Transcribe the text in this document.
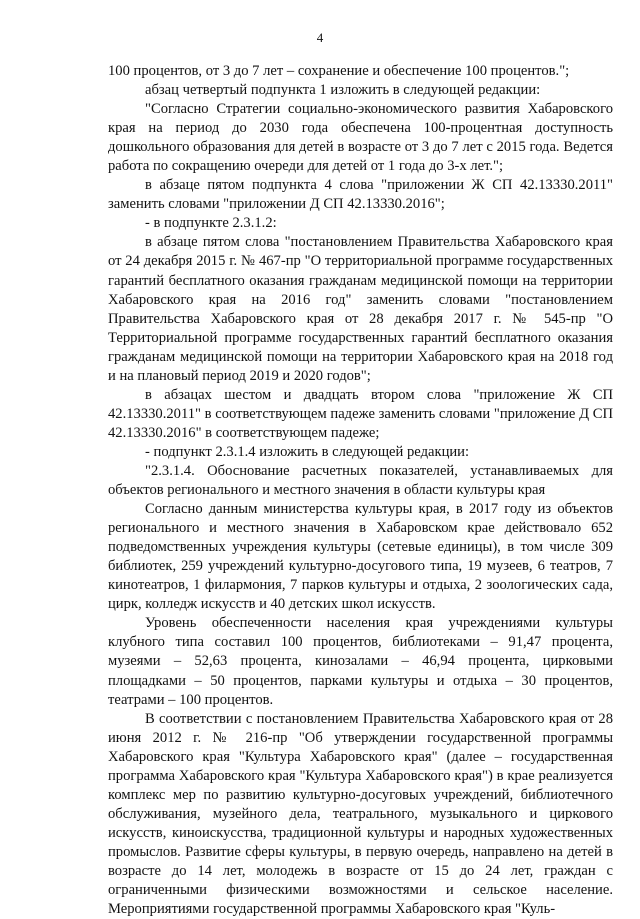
4

100 процентов, от 3 до 7 лет – сохранение и обеспечение 100 процентов.";

абзац четвертый подпункта 1 изложить в следующей редакции:

"Согласно Стратегии социально-экономического развития Хабаровского края на период до 2030 года обеспечена 100-процентная доступность дошкольного образования для детей в возрасте от 3 до 7 лет с 2015 года. Ведется работа по сокращению очереди для детей от 1 года до 3-х лет.";

в абзаце пятом подпункта 4 слова "приложении Ж СП 42.13330.2011" заменить словами "приложении Д СП 42.13330.2016";

- в подпункте 2.3.1.2:

в абзаце пятом слова "постановлением Правительства Хабаровского края от 24 декабря 2015 г. № 467-пр "О территориальной программе государственных гарантий бесплатного оказания гражданам медицинской помощи на территории Хабаровского края на 2016 год" заменить словами "постановлением Правительства Хабаровского края от 28 декабря 2017 г. № 545-пр "О Территориальной программе государственных гарантий бесплатного оказания гражданам медицинской помощи на территории Хабаровского края на 2018 год и на плановый период 2019 и 2020 годов";

в абзацах шестом и двадцать втором слова "приложение Ж СП 42.13330.2011" в соответствующем падеже заменить словами "приложение Д СП 42.13330.2016" в соответствующем падеже;

- подпункт 2.3.1.4 изложить в следующей редакции:

"2.3.1.4. Обоснование расчетных показателей, устанавливаемых для объектов регионального и местного значения в области культуры края

Согласно данным министерства культуры края, в 2017 году из объектов регионального и местного значения в Хабаровском крае действовало 652 подведомственных учреждения культуры (сетевые единицы), в том числе 309 библиотек, 259 учреждений культурно-досугового типа, 19 музеев, 6 театров, 7 кинотеатров, 1 филармония, 7 парков культуры и отдыха, 2 зоологических сада, цирк, колледж искусств и 40 детских школ искусств.

Уровень обеспеченности населения края учреждениями культуры клубного типа составил 100 процентов, библиотеками – 91,47 процента, музеями – 52,63 процента, кинозалами – 46,94 процента, цирковыми площадками – 50 процентов, парками культуры и отдыха – 30 процентов, театрами – 100 процентов.

В соответствии с постановлением Правительства Хабаровского края от 28 июня 2012 г. № 216-пр "Об утверждении государственной программы Хабаровского края "Культура Хабаровского края" (далее – государственная программа Хабаровского края "Культура Хабаровского края") в крае реализуется комплекс мер по развитию культурно-досуговых учреждений, библиотечного обслуживания, музейного дела, театрального, музыкального и циркового искусств, киноискусства, традиционной культуры и народных художественных промыслов. Развитие сферы культуры, в первую очередь, направлено на детей в возрасте до 14 лет, молодежь в возрасте от 15 до 24 лет, граждан с ограниченными физическими возможностями и сельское население. Мероприятиями государственной программы Хабаровского края "Куль-
